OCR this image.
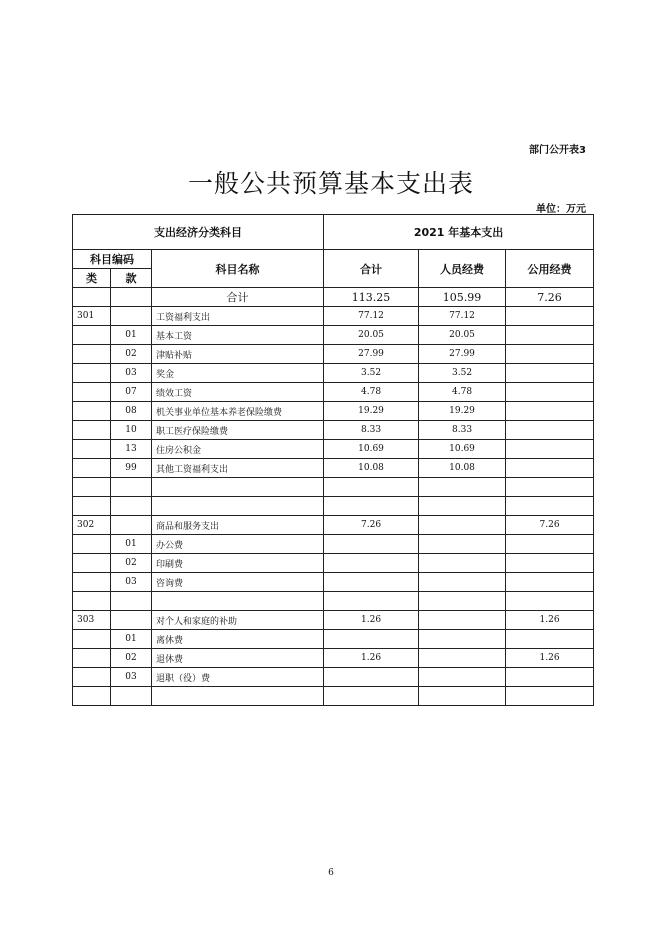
部门公开表3
一般公共预算基本支出表
单位：万元
支出经济分类科目			2021 年基本支出		
科目编码		科目名称	合计	人员经费	公用经费
类	款				
		合计	113.25	105.99	7.26
301		工资福利支出	77.12	77.12	
	01	基本工资	20.05	20.05	
	02	津贴补贴	27.99	27.99	
	03	奖金	3.52	3.52	
	07	绩效工资	4.78	4.78	
	08	机关事业单位基本养老保险缴费	19.29	19.29	
	10	职工医疗保险缴费	8.33	8.33	
	13	住房公积金	10.69	10.69	
	99	其他工资福利支出	10.08	10.08	

302		商品和服务支出	7.26		7.26
	01	办公费			
	02	印刷费			
	03	咨询费			

303		对个人和家庭的补助	1.26		1.26
	01	离休费			
	02	退休费	1.26		1.26
	03	退职（役）费			

6
